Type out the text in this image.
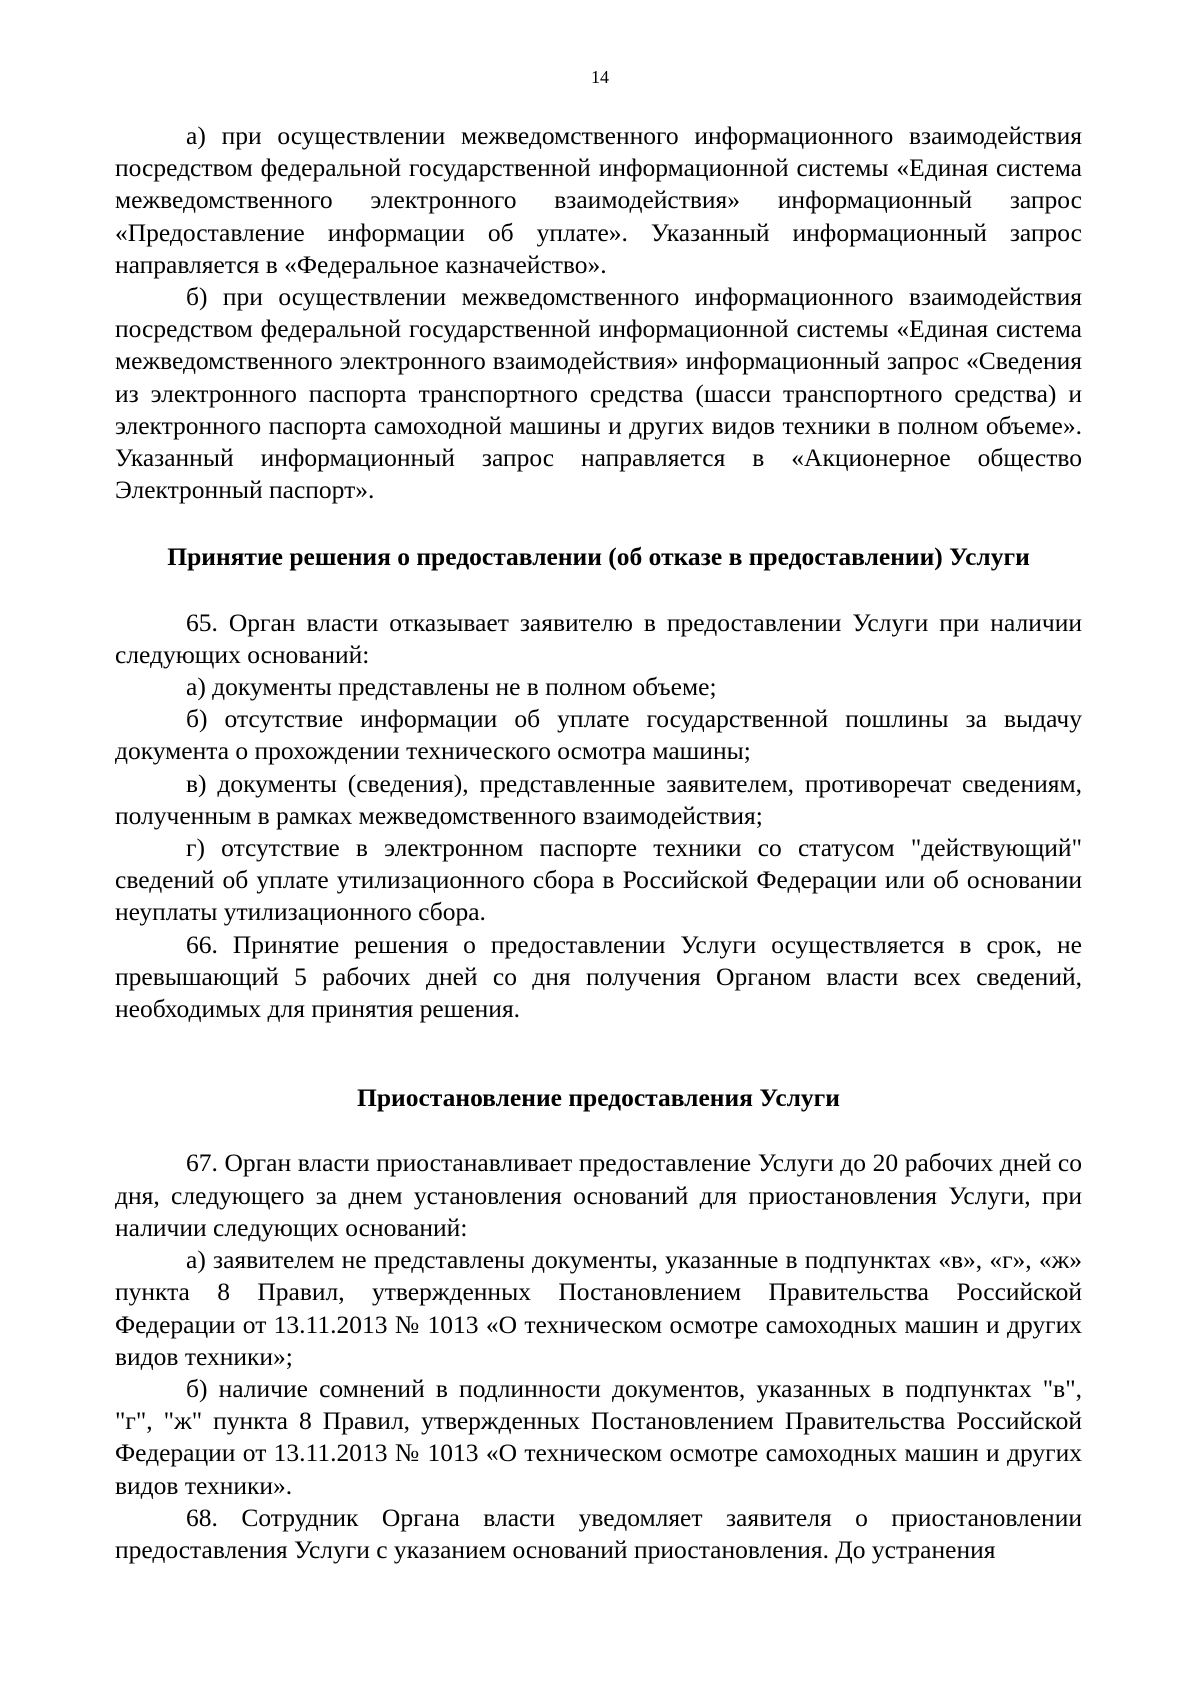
14

а) при осуществлении межведомственного информационного взаимодействия посредством федеральной государственной информационной системы «Единая система межведомственного электронного взаимодействия» информационный запрос «Предоставление информации об уплате». Указанный информационный запрос направляется в «Федеральное казначейство».

б) при осуществлении межведомственного информационного взаимодействия посредством федеральной государственной информационной системы «Единая система межведомственного электронного взаимодействия» информационный запрос «Сведения из электронного паспорта транспортного средства (шасси транспортного средства) и электронного паспорта самоходной машины и других видов техники в полном объеме». Указанный информационный запрос направляется в «Акционерное общество Электронный паспорт».

Принятие решения о предоставлении (об отказе в предоставлении) Услуги

65. Орган власти отказывает заявителю в предоставлении Услуги при наличии следующих оснований:

а) документы представлены не в полном объеме;

б) отсутствие информации об уплате государственной пошлины за выдачу документа о прохождении технического осмотра машины;

в) документы (сведения), представленные заявителем, противоречат сведениям, полученным в рамках межведомственного взаимодействия;

г) отсутствие в электронном паспорте техники со статусом "действующий" сведений об уплате утилизационного сбора в Российской Федерации или об основании неуплаты утилизационного сбора.

66. Принятие решения о предоставлении Услуги осуществляется в срок, не превышающий 5 рабочих дней со дня получения Органом власти всех сведений, необходимых для принятия решения.

Приостановление предоставления Услуги

67. Орган власти приостанавливает предоставление Услуги до 20 рабочих дней со дня, следующего за днем установления оснований для приостановления Услуги, при наличии следующих оснований:

а) заявителем не представлены документы, указанные в подпунктах «в», «г», «ж» пункта 8 Правил, утвержденных Постановлением Правительства Российской Федерации от 13.11.2013 № 1013 «О техническом осмотре самоходных машин и других видов техники»;

б) наличие сомнений в подлинности документов, указанных в подпунктах "в", "г", "ж" пункта 8 Правил, утвержденных Постановлением Правительства Российской Федерации от 13.11.2013 № 1013 «О техническом осмотре самоходных машин и других видов техники».

68. Сотрудник Органа власти уведомляет заявителя о приостановлении предоставления Услуги с указанием оснований приостановления. До устранения
